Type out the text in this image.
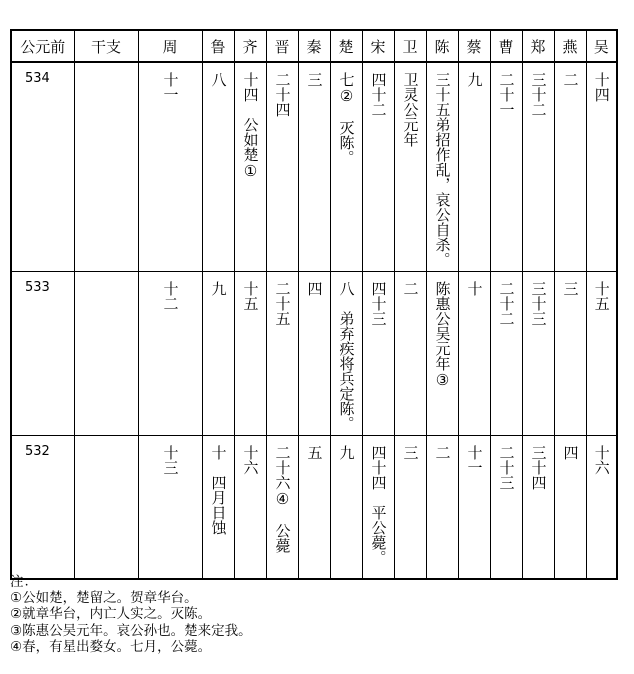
公元前	干支	周	鲁	齐	晋	秦	楚	宋	卫	陈	蔡	曹	郑	燕	吴
534		十一	八	十四　公如楚①	二十四	三	七②　灭陈。	四十二	卫灵公元年	三十五弟招作乱，哀公自杀。	九	二十一	三十二	二	十四
533		十二	九	十五	二十五	四	八　弟弃疾将兵定陈。	四十三	二	陈惠公吴元年③	十	二十二	三十三	三	十五
532		十三	十　四月日蚀	十六	二十六④　公薨	五	九	四十四　平公薨。	三	二	十一	二十三	三十四	四	十六
注：
①公如楚，楚留之。贺章华台。
②就章华台，内亡人实之。灭陈。
③陈惠公吴元年。哀公孙也。楚来定我。
④春，有星出婺女。七月，公薨。
